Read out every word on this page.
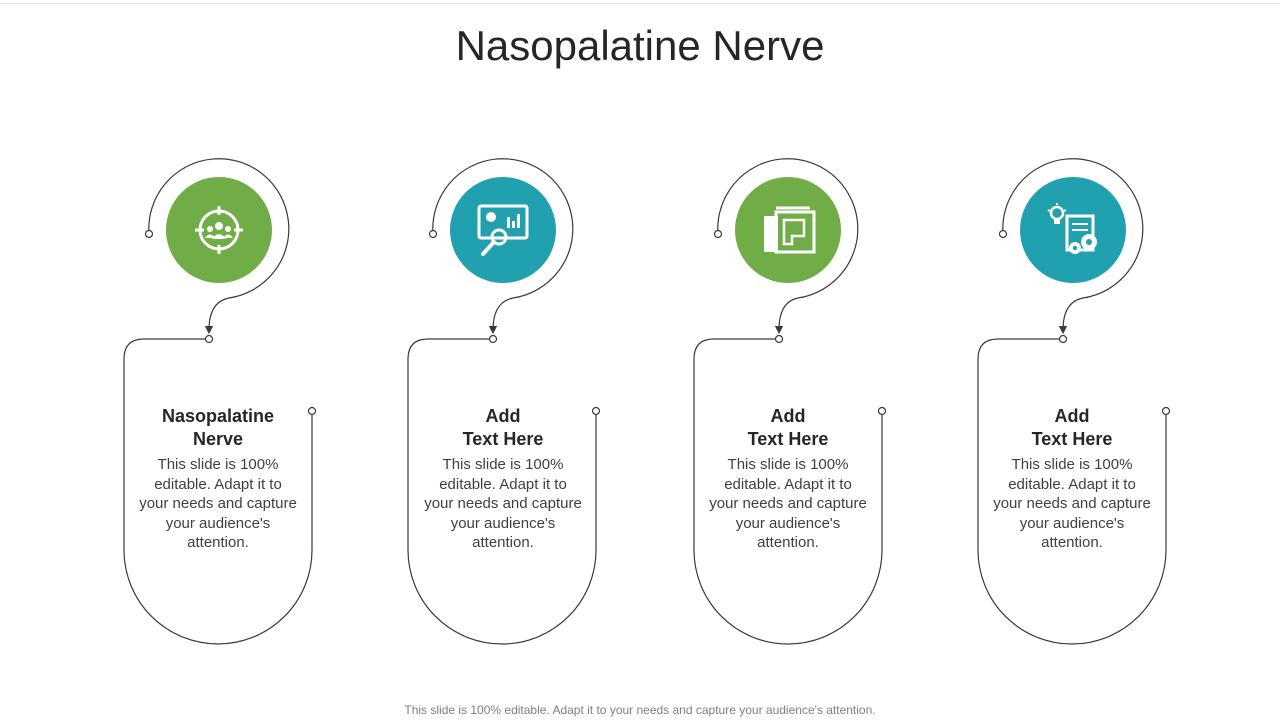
Nasopalatine Nerve
Nasopalatine
Nerve
This slide is 100% editable. Adapt it to your needs and capture your audience's attention.
Add
Text Here
This slide is 100% editable. Adapt it to your needs and capture your audience's attention.
Add
Text Here
This slide is 100% editable. Adapt it to your needs and capture your audience's attention.
Add
Text Here
This slide is 100% editable. Adapt it to your needs and capture your audience's attention.
This slide is 100% editable. Adapt it to your needs and capture your audience's attention.
